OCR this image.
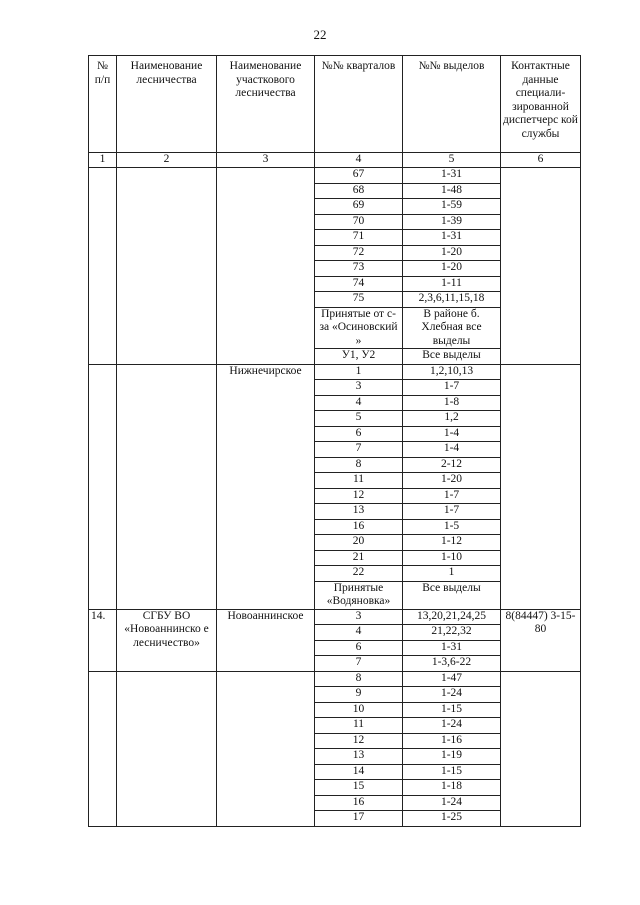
22
№ п/п	Наименование лесничества	Наименование участкового лесничества	№№ кварталов	№№ выделов	Контактные данные специали-зированной диспетчерс кой службы
1	2	3	4	5	6
			67	1-31	
			68	1-48	
			69	1-59	
			70	1-39	
			71	1-31	
			72	1-20	
			73	1-20	
			74	1-11	
			75	2,3,6,11,15,18	
			Принятые от с-за «Осиновский »	В районе б. Хлебная все выделы	
			У1, У2	Все выделы	
		Нижнечирское	1	1,2,10,13	
			3	1-7	
			4	1-8	
			5	1,2	
			6	1-4	
			7	1-4	
			8	2-12	
			11	1-20	
			12	1-7	
			13	1-7	
			16	1-5	
			20	1-12	
			21	1-10	
			22	1	
			Принятые «Водяновка»	Все выделы	
14.	СГБУ ВО «Новоаннинско е лесничество»	Новоаннинское	3	13,20,21,24,25	8(84447) 3-15-80
			4	21,22,32	
			6	1-31	
			7	1-3,6-22	
			8	1-47	
			9	1-24	
			10	1-15	
			11	1-24	
			12	1-16	
			13	1-19	
			14	1-15	
			15	1-18	
			16	1-24	
			17	1-25	
